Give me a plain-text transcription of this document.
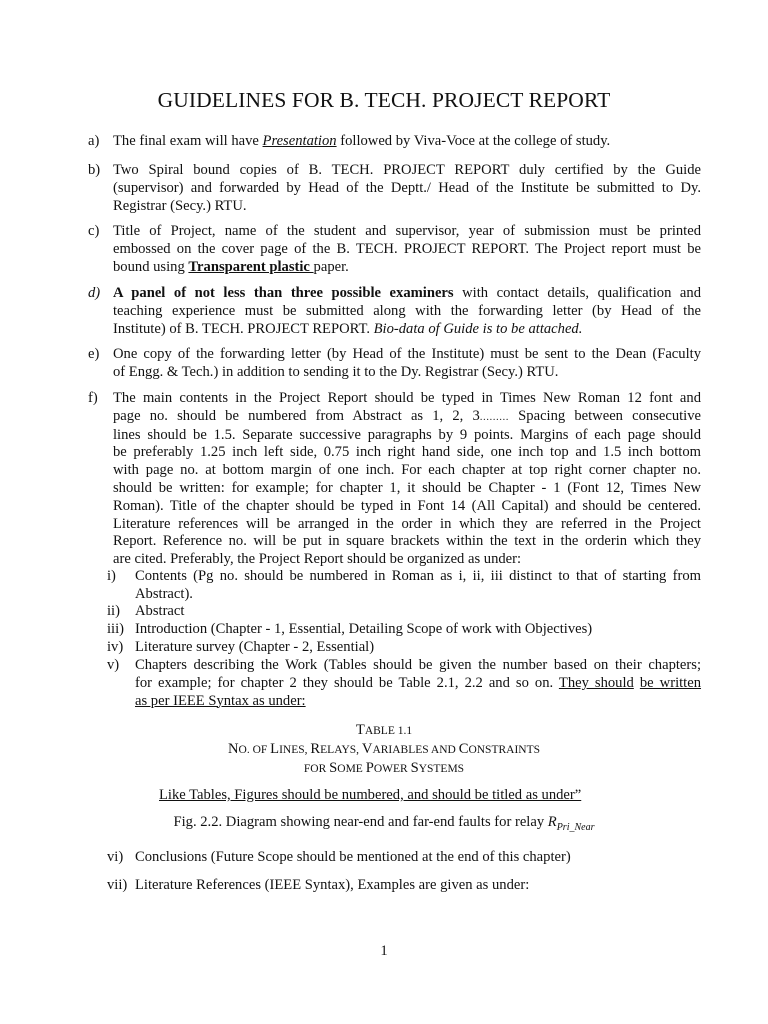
GUIDELINES FOR B. TECH. PROJECT REPORT
a) The final exam will have Presentation followed by Viva-Voce at the college of study.
b) Two Spiral bound copies of B. TECH. PROJECT REPORT duly certified by the Guide
(supervisor) and forwarded by Head of the Deptt./ Head of the Institute be submitted to Dy.
Registrar (Secy.) RTU.
c) Title of Project, name of the student and supervisor, year of submission must be printed
embossed on the cover page of the B. TECH. PROJECT REPORT. The Project report must be
bound using Transparent plastic paper.
d) A panel of not less than three possible examiners with contact details, qualification and
teaching experience must be submitted along with the forwarding letter (by Head of the
Institute) of B. TECH. PROJECT REPORT. Bio-data of Guide is to be attached.
e) One copy of the forwarding letter (by Head of the Institute) must be sent to the Dean (Faculty
of Engg. & Tech.) in addition to sending it to the Dy. Registrar (Secy.) RTU.
f) The main contents in the Project Report should be typed in Times New Roman 12 font and
page no. should be numbered from Abstract as 1, 2, 3......... Spacing between consecutive
lines should be 1.5. Separate successive paragraphs by 9 points. Margins of each page should
be preferably 1.25 inch left side, 0.75 inch right hand side, one inch top and 1.5 inch bottom
with page no. at bottom margin of one inch. For each chapter at top right corner chapter no.
should be written: for example; for chapter 1, it should be Chapter - 1 (Font 12, Times New
Roman). Title of the chapter should be typed in Font 14 (All Capital) and should be centered.
Literature references will be arranged in the order in which they are referred in the Project
Report. Reference no. will be put in square brackets within the text in the orderin which they
are cited. Preferably, the Project Report should be organized as under:
i) Contents (Pg no. should be numbered in Roman as i, ii, iii distinct to that of starting from
Abstract).
ii) Abstract
iii) Introduction (Chapter - 1, Essential, Detailing Scope of work with Objectives)
iv) Literature survey (Chapter - 2, Essential)
v) Chapters describing the Work (Tables should be given the number based on their chapters;
for example; for chapter 2 they should be Table 2.1, 2.2 and so on. They should be written
as per IEEE Syntax as under:
TABLE 1.1
NO. OF LINES, RELAYS, VARIABLES AND CONSTRAINTS
FOR SOME POWER SYSTEMS
Like Tables, Figures should be numbered, and should be titled as under”
Fig. 2.2. Diagram showing near-end and far-end faults for relay $R_{Pri\_Near}$
vi) Conclusions (Future Scope should be mentioned at the end of this chapter)
vii) Literature References (IEEE Syntax), Examples are given as under:
1
